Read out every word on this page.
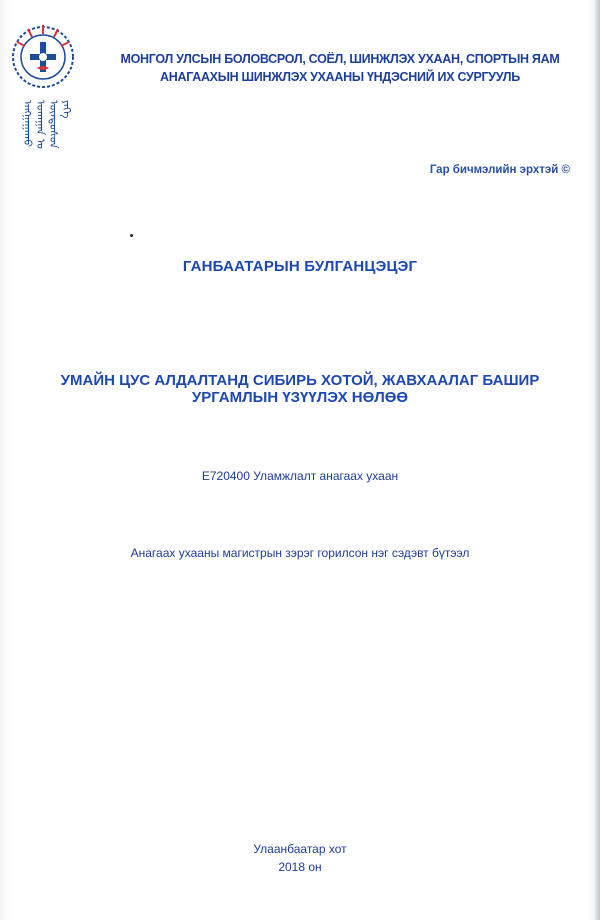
ᠠᠩᠭᠠᠭᠠᠬᠤ ᠤᠬᠠᠭᠠᠨ ᠤ ᠦᠨᠳᠦᠰᠦᠨ ᠶᠡᠬᠡ
МОНГОЛ УЛСЫН БОЛОВСРОЛ, СОЁЛ, ШИНЖЛЭХ УХААН, СПОРТЫН ЯАМ
АНАГААХЫН ШИНЖЛЭХ УХААНЫ ҮНДЭСНИЙ ИХ СУРГУУЛЬ
Гар бичмэлийн эрхтэй ©
ГАНБААТАРЫН БУЛГАНЦЭЦЭГ
УМАЙН ЦУС АЛДАЛТАНД СИБИРЬ ХОТОЙ, ЖАВХААЛАГ БАШИР
УРГАМЛЫН ҮЗҮҮЛЭХ НӨЛӨӨ
Е720400 Уламжлалт анагаах ухаан
Анагаах ухааны магистрын зэрэг горилсон нэг сэдэвт бүтээл
Улаанбаатар хот
2018 он
